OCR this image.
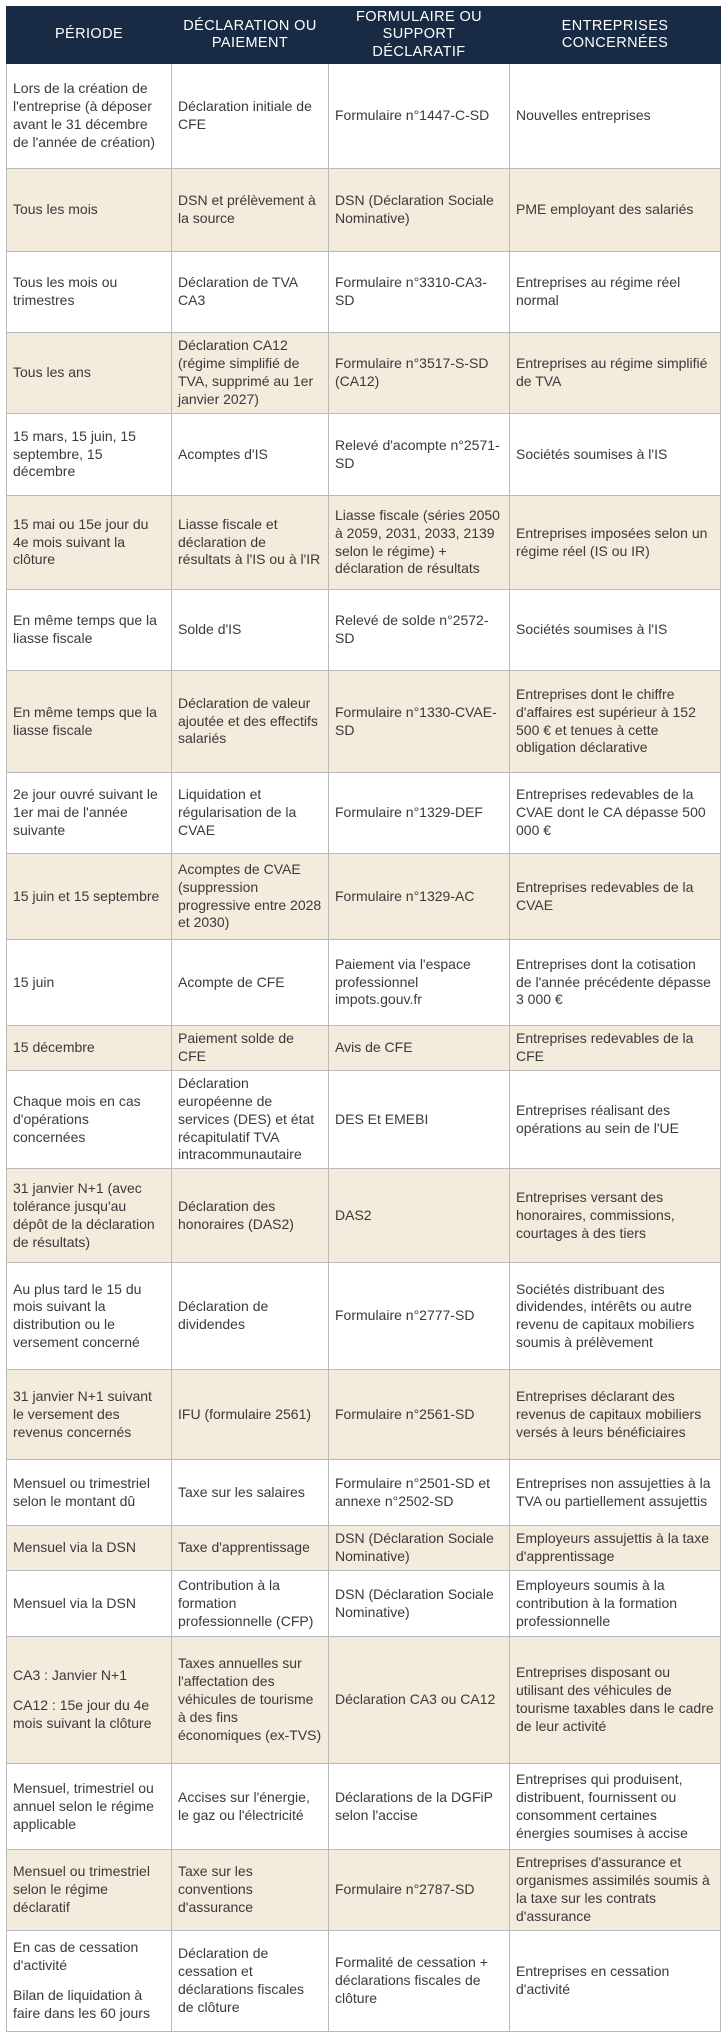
PÉRIODE	DÉCLARATION OU PAIEMENT	FORMULAIRE OU SUPPORT DÉCLARATIF	ENTREPRISES CONCERNÉES
Lors de la création de l'entreprise (à déposer avant le 31 décembre de l'année de création)	Déclaration initiale de CFE	Formulaire n°1447-C-SD	Nouvelles entreprises
Tous les mois	DSN et prélèvement à la source	DSN (Déclaration Sociale Nominative)	PME employant des salariés
Tous les mois ou trimestres	Déclaration de TVA CA3	Formulaire n°3310-CA3-SD	Entreprises au régime réel normal
Tous les ans	Déclaration CA12 (régime simplifié de TVA, supprimé au 1er janvier 2027)	Formulaire n°3517-S-SD (CA12)	Entreprises au régime simplifié de TVA
15 mars, 15 juin, 15 septembre, 15 décembre	Acomptes d'IS	Relevé d'acompte n°2571-SD	Sociétés soumises à l'IS
15 mai ou 15e jour du 4e mois suivant la clôture	Liasse fiscale et déclaration de résultats à l'IS ou à l'IR	Liasse fiscale (séries 2050 à 2059, 2031, 2033, 2139 selon le régime) + déclaration de résultats	Entreprises imposées selon un régime réel (IS ou IR)
En même temps que la liasse fiscale	Solde d'IS	Relevé de solde n°2572-SD	Sociétés soumises à l'IS
En même temps que la liasse fiscale	Déclaration de valeur ajoutée et des effectifs salariés	Formulaire n°1330-CVAE-SD	Entreprises dont le chiffre d'affaires est supérieur à 152 500 € et tenues à cette obligation déclarative
2e jour ouvré suivant le 1er mai de l'année suivante	Liquidation et régularisation de la CVAE	Formulaire n°1329-DEF	Entreprises redevables de la CVAE dont le CA dépasse 500 000 €
15 juin et 15 septembre	Acomptes de CVAE (suppression progressive entre 2028 et 2030)	Formulaire n°1329-AC	Entreprises redevables de la CVAE
15 juin	Acompte de CFE	Paiement via l'espace professionnel impots.gouv.fr	Entreprises dont la cotisation de l'année précédente dépasse 3 000 €
15 décembre	Paiement solde de CFE	Avis de CFE	Entreprises redevables de la CFE
Chaque mois en cas d'opérations concernées	Déclaration européenne de services (DES) et état récapitulatif TVA intracommunautaire	DES Et EMEBI	Entreprises réalisant des opérations au sein de l'UE
31 janvier N+1 (avec tolérance jusqu'au dépôt de la déclaration de résultats)	Déclaration des honoraires (DAS2)	DAS2	Entreprises versant des honoraires, commissions, courtages à des tiers
Au plus tard le 15 du mois suivant la distribution ou le versement concerné	Déclaration de dividendes	Formulaire n°2777-SD	Sociétés distribuant des dividendes, intérêts ou autre revenu de capitaux mobiliers soumis à prélèvement
31 janvier N+1 suivant le versement des revenus concernés	IFU (formulaire 2561)	Formulaire n°2561-SD	Entreprises déclarant des revenus de capitaux mobiliers versés à leurs bénéficiaires
Mensuel ou trimestriel selon le montant dû	Taxe sur les salaires	Formulaire n°2501-SD et annexe n°2502-SD	Entreprises non assujetties à la TVA ou partiellement assujettis
Mensuel via la DSN	Taxe d'apprentissage	DSN (Déclaration Sociale Nominative)	Employeurs assujettis à la taxe d'apprentissage
Mensuel via la DSN	Contribution à la formation professionnelle (CFP)	DSN (Déclaration Sociale Nominative)	Employeurs soumis à la contribution à la formation professionnelle

CA3 : Janvier N+1

CA12 : 15e jour du 4e mois suivant la clôture	Taxes annuelles sur l'affectation des véhicules de tourisme à des fins économiques (ex-TVS)	Déclaration CA3 ou CA12	Entreprises disposant ou utilisant des véhicules de tourisme taxables dans le cadre de leur activité
Mensuel, trimestriel ou annuel selon le régime applicable	Accises sur l'énergie, le gaz ou l'électricité	Déclarations de la DGFiP selon l'accise	Entreprises qui produisent, distribuent, fournissent ou consomment certaines énergies soumises à accise
Mensuel ou trimestriel selon le régime déclaratif	Taxe sur les conventions d'assurance	Formulaire n°2787-SD	Entreprises d'assurance et organismes assimilés soumis à la taxe sur les contrats d'assurance

En cas de cessation d'activité

Bilan de liquidation à faire dans les 60 jours	Déclaration de cessation et déclarations fiscales de clôture	Formalité de cessation + déclarations fiscales de clôture	Entreprises en cessation d'activité
